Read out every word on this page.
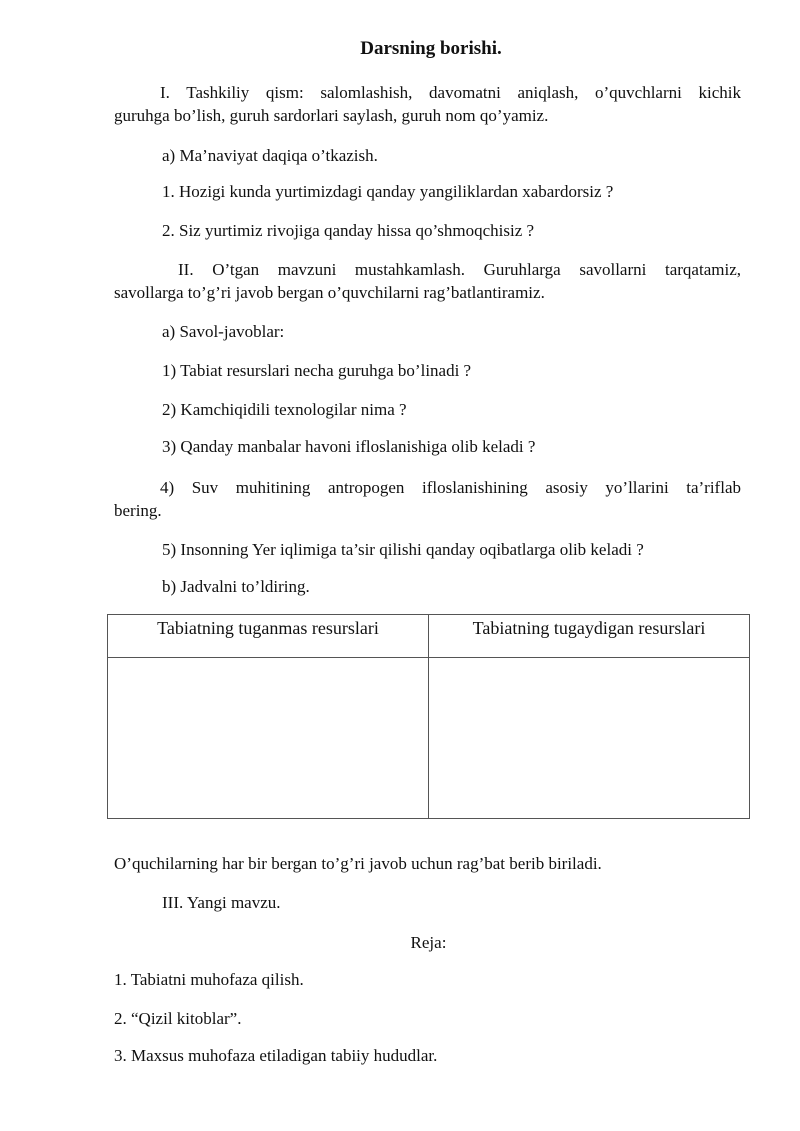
Darsning borishi.
I. Tashkiliy qism: salomlashish, davomatni aniqlash, o’quvchlarni kichik
guruhga bo’lish, guruh sardorlari saylash, guruh nom qo’yamiz.
a) Ma’naviyat daqiqa o’tkazish.
1. Hozigi kunda yurtimizdagi qanday yangiliklardan xabardorsiz ?
2. Siz yurtimiz rivojiga qanday hissa qo’shmoqchisiz ?
II. O’tgan mavzuni mustahkamlash. Guruhlarga savollarni tarqatamiz,
savollarga to’g’ri javob bergan o’quvchilarni rag’batlantiramiz.
a) Savol-javoblar:
1) Tabiat resurslari necha guruhga bo’linadi ?
2) Kamchiqidili texnologilar nima ?
3) Qanday manbalar havoni ifloslanishiga olib keladi ?
4) Suv muhitining antropogen ifloslanishining asosiy yo’llarini ta’riflab
bering.
5) Insonning Yer iqlimiga ta’sir qilishi qanday oqibatlarga olib keladi ?
b) Jadvalni to’ldiring.
Tabiatning tuganmas resurslari	Tabiatning tugaydigan resurslari

O’quchilarning har bir bergan to’g’ri javob uchun rag’bat berib biriladi.
III. Yangi mavzu.
Reja:
1. Tabiatni muhofaza qilish.
2. “Qizil kitoblar”.
3. Maxsus muhofaza etiladigan tabiiy hududlar.
